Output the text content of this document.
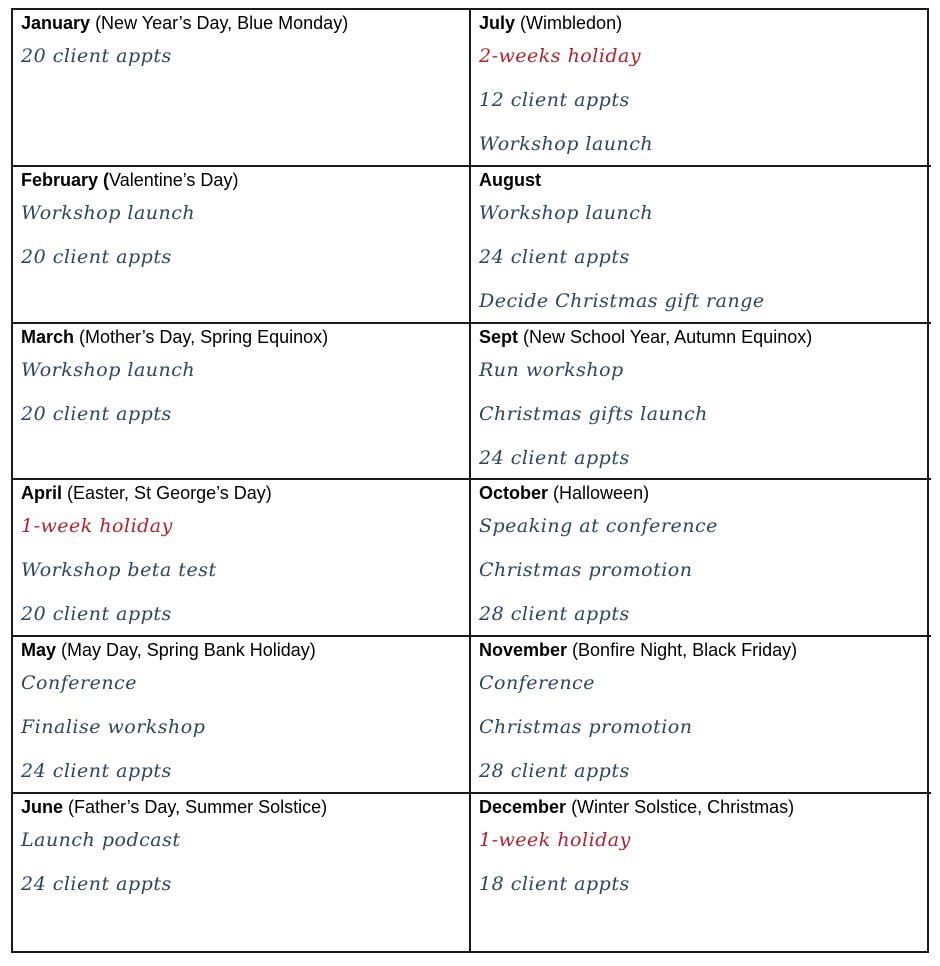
January (New Year’s Day, Blue Monday)
20 client appts
July (Wimbledon)
2-weeks holiday
12 client appts
Workshop launch
February (Valentine’s Day)
Workshop launch
20 client appts
August
Workshop launch
24 client appts
Decide Christmas gift range
March (Mother’s Day, Spring Equinox)
Workshop launch
20 client appts
Sept (New School Year, Autumn Equinox)
Run workshop
Christmas gifts launch
24 client appts
April (Easter, St George’s Day)
1-week holiday
Workshop beta test
20 client appts
October (Halloween)
Speaking at conference
Christmas promotion
28 client appts
May (May Day, Spring Bank Holiday)
Conference
Finalise workshop
24 client appts
November (Bonfire Night, Black Friday)
Conference
Christmas promotion
28 client appts
June (Father’s Day, Summer Solstice)
Launch podcast
24 client appts
December (Winter Solstice, Christmas)
1-week holiday
18 client appts
